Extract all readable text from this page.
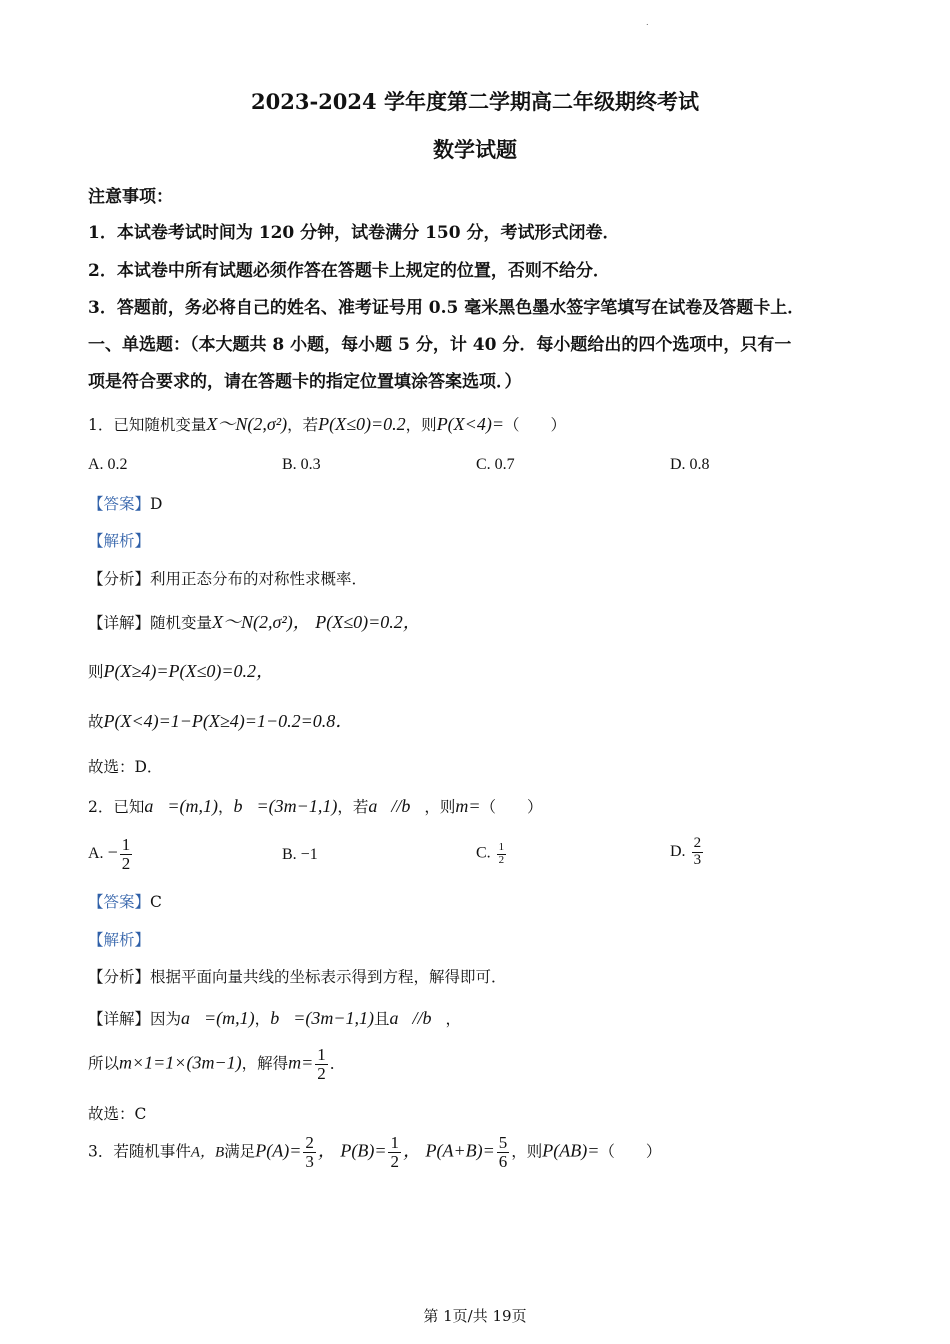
.
2023-2024 学年度第二学期高二年级期终考试
数学试题
注意事项：
1．本试卷考试时间为 120 分钟，试卷满分 150 分，考试形式闭卷．
2．本试卷中所有试题必须作答在答题卡上规定的位置，否则不给分．
3．答题前，务必将自己的姓名、准考证号用 0.5 毫米黑色墨水签字笔填写在试卷及答题卡上．
一、单选题：（本大题共 8 小题，每小题 5 分，计 40 分．每小题给出的四个选项中，只有一
项是符合要求的，请在答题卡的指定位置填涂答案选项．）
1．已知随机变量X～N(2,σ²)，若P(X≤0)=0.2，则P(X<4)=（　　）
A. 0.2	B. 0.3	C. 0.7	D. 0.8
【答案】D
【解析】
【分析】利用正态分布的对称性求概率．
【详解】随机变量X～N(2,σ²)， P(X≤0)=0.2，
则P(X≥4)=P(X≤0)=0.2，
故P(X<4)=1−P(X≥4)=1−0.2=0.8．
故选：D．
2．已知a⃗=(m,1)，b⃗=(3m−1,1)，若a⃗//b⃗，则m=（　　）
A. − $\frac{1}{2}$	B. −1	C. $\frac{1}{2}$	D. $\frac{2}{3}$
【答案】C
【解析】
【分析】根据平面向量共线的坐标表示得到方程，解得即可．
【详解】因为a⃗=(m,1)，b⃗=(3m−1,1)且a⃗//b⃗，
所以m×1=1×(3m−1)，解得$m= \frac{1}{2}$ ．
故选：C
3．若随机事件A，B满足$P(A)= \frac{2}{3}$ ， $P(B)= \frac{1}{2}$ ， $P(A+B)= \frac{5}{6}$ ，则P(AB)=（　　）
第 1页/共 19页
